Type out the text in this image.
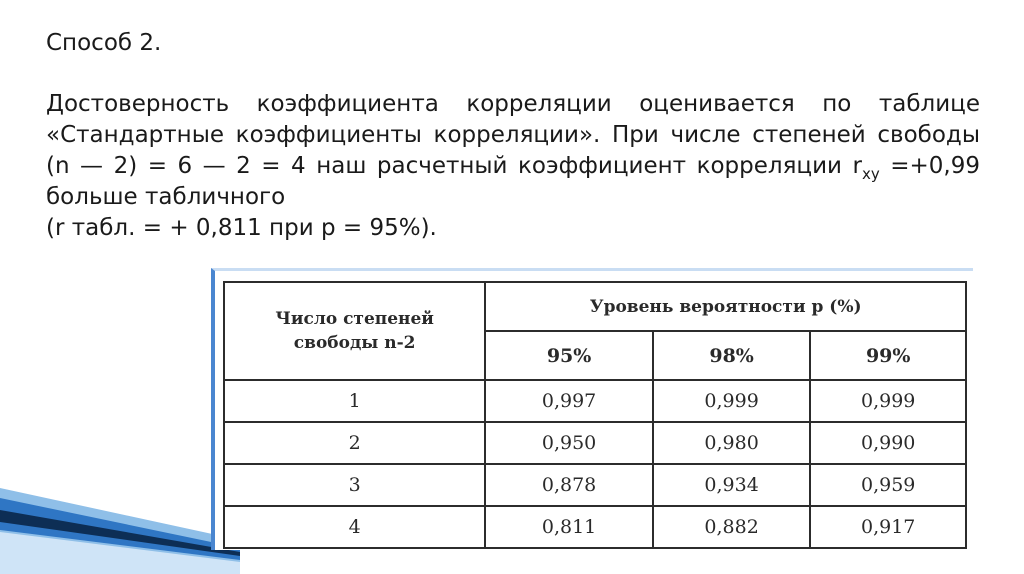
Способ 2.

Достоверность коэффициента корреляции оценивается по таблице «Стандартные коэффициенты корреляции». При числе степеней свободы (n — 2) = 6 — 2 = 4 наш расчетный коэффициент корреляции $r_{xy} =+0,99$ больше табличного
(r табл. = + 0,811 при p = 95%).

Число степеней
свободы n-2	Уровень вероятности p (%)		
	95%	98%	99%
1	0,997	0,999	0,999
2	0,950	0,980	0,990
3	0,878	0,934	0,959
4	0,811	0,882	0,917
